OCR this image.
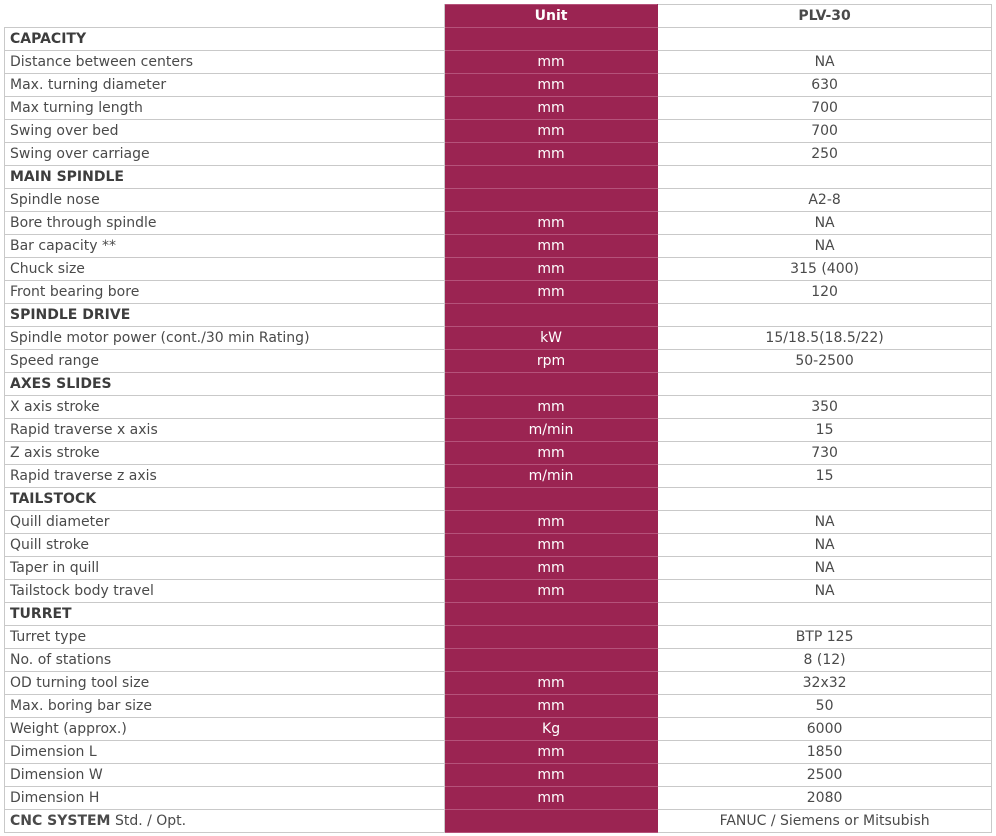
	Unit	PLV-30
CAPACITY		
Distance between centers	mm	NA
Max. turning diameter	mm	630
Max turning length	mm	700
Swing over bed	mm	700
Swing over carriage	mm	250
MAIN SPINDLE		
Spindle nose		A2-8
Bore through spindle	mm	NA
Bar capacity **	mm	NA
Chuck size	mm	315 (400)
Front bearing bore	mm	120
SPINDLE DRIVE		
Spindle motor power (cont./30 min Rating)	kW	15/18.5(18.5/22)
Speed range	rpm	50-2500
AXES SLIDES		
X axis stroke	mm	350
Rapid traverse x axis	m/min	15
Z axis stroke	mm	730
Rapid traverse z axis	m/min	15
TAILSTOCK		
Quill diameter	mm	NA
Quill stroke	mm	NA
Taper in quill	mm	NA
Tailstock body travel	mm	NA
TURRET		
Turret type		BTP 125
No. of stations		8 (12)
OD turning tool size	mm	32x32
Max. boring bar size	mm	50
Weight (approx.)	Kg	6000
Dimension L	mm	1850
Dimension W	mm	2500
Dimension H	mm	2080
CNC SYSTEM Std. / Opt.		FANUC / Siemens or Mitsubish
